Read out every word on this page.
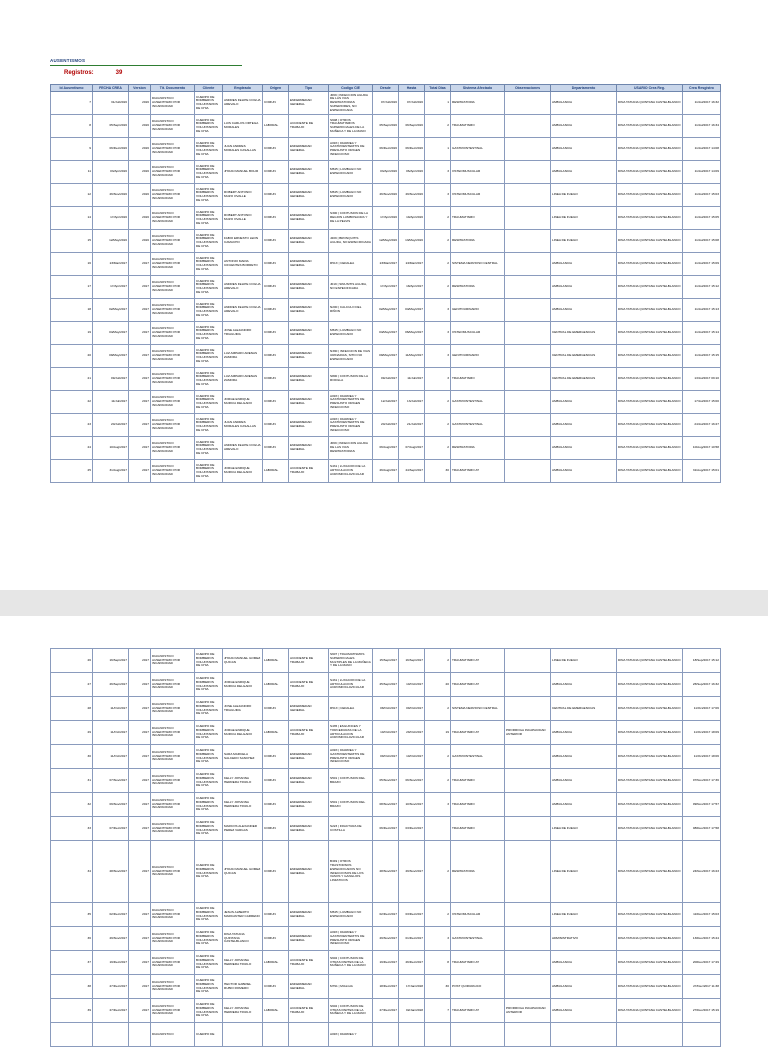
AUSENTISMOS
Registros:	39
Id Ausentismo	FECHA CREA	Version	Tit. Documento	Cliente	Empleado	Origen	Tipo	Codigo CIE	Desde	Hasta	Total Dias	Sistema Afectado	Observaciones	Departamento	USARIO Crea Reg.	Crea Resgistro
7	31/Jul/2016	2016	DIAGNOSTICO AUSENTISMO POR INCAPACIDAD	CUERPO DE BOMBEROS VOLUNTARIOS DE CHIA	ANDRES FELIPE COGUA AREVALO	COMUN	ENFERMEDAD GENERAL	J069 | INFECCION AGUDA DE LAS VIAS RESPIRATORIAS SUPERIORES, NO ESPECIFICADA	07/Jul/2016	07/Jul/2016	1	RESPIRATORIA		AMBULANCIA	DINA TATIANA QUINTANA CASTELBLANCO	11/Jul/2017 16:32
8	05/Sep/2016	2016	DIAGNOSTICO AUSENTISMO POR INCAPACIDAD	CUERPO DE BOMBEROS VOLUNTARIOS DE CHIA	LUIS CARLOS ORTEGA MORALES	LABORAL	ACCIDENTE DE TRABAJO	S608 | OTROS TRAUMATISMOS SUPERFICIALES DE LA MUÑECA Y DE LA MANO	05/Sep/2016	06/Sep/2016	2	TRAUMATISMO		AMBULANCIA	DINA TATIANA QUINTANA CASTELBLANCO	11/Jul/2017 16:34
9	06/Dec/2016	2016	DIAGNOSTICO AUSENTISMO POR INCAPACIDAD	CUERPO DE BOMBEROS VOLUNTARIOS DE CHIA	JUAN ANDRES MORALES CASALLAS	COMUN	ENFERMEDAD GENERAL	A09X | DIARREA Y GASTROENTERITIS DE PRESUNTO ORIGEN INFECCIOSO	06/Dec/2016	06/Dec/2016	1	GASTROINTESTINAL		AMBULANCIA	DINA TATIANA QUINTANA CASTELBLANCO	11/Jul/2017 14:08
11	03/Apr/2016	2016	DIAGNOSTICO AUSENTISMO POR INCAPACIDAD	CUERPO DE BOMBEROS VOLUNTARIOS DE CHIA	JHOAN MANUEL BOLIR	COMUN	ENFERMEDAD GENERAL	M545 | LUMBAGO NO ESPECIFICADO	03/Apr/2016	06/Apr/2016	3	OSTEOMUSCULAR		AMBULANCIA	DINA TATIANA QUINTANA CASTELBLANCO	11/Jul/2017 14:09
12	26/Nov/2016	2016	DIAGNOSTICO AUSENTISMO POR INCAPACIDAD	CUERPO DE BOMBEROS VOLUNTARIOS DE CHIA	ROBERT ANTONIO MUZO OVALLE	COMUN	ENFERMEDAD GENERAL	M545 | LUMBAGO NO ESPECIFICADO	26/Nov/2016	29/Nov/2016	3	OSTEOMUSCULAR		LINEA DE FUEGO	DINA TATIANA QUINTANA CASTELBLANCO	11/Jul/2017 15:03
14	17/Apr/2016	2016	DIAGNOSTICO AUSENTISMO POR INCAPACIDAD	CUERPO DE BOMBEROS VOLUNTARIOS DE CHIA	ROBERT ANTONIO MUZO OVALLE	COMUN	ENFERMEDAD GENERAL	S300 | CONTUSION DE LA REGION LUMBOSACRA Y DE LA PELVIS	17/Apr/2016	19/Apr/2016	2	TRAUMATISMO		LINEA DE FUEGO	DINA TATIANA QUINTANA CASTELBLANCO	11/Jul/2017 15:05
15	12/May/2016	2016	DIAGNOSTICO AUSENTISMO POR INCAPACIDAD	CUERPO DE BOMBEROS VOLUNTARIOS DE CHIA	FABIO ERNESTO LEON CAMACHO	COMUN	ENFERMEDAD GENERAL	J209 | BRONQUITIS AGUDA, NO ESPECIFICADA	12/May/2016	13/May/2016	2	RESPIRATORIA		LINEA DE FUEGO	DINA TATIANA QUINTANA CASTELBLANCO	11/Jul/2017 15:08
16	23/Mar/2017	2017	DIAGNOSTICO AUSENTISMO POR INCAPACIDAD	CUERPO DE BOMBEROS VOLUNTARIOS DE CHIA	ANTONIO MARIA CIFUENTES BORRETO	COMUN	ENFERMEDAD GENERAL	R51X | CEFALEA	23/Mar/2017	24/Mar/2017	2	SISTEMA NERVIOSO CENTRAL		AMBULANCIA	DINA TATIANA QUINTANA CASTELBLANCO	11/Jul/2017 15:09
17	17/Apr/2017	2017	DIAGNOSTICO AUSENTISMO POR INCAPACIDAD	CUERPO DE BOMBEROS VOLUNTARIOS DE CHIA	ANDRES FELIPE COGUA AREVALO	COMUN	ENFERMEDAD GENERAL	J019 | SINUSITIS AGUDA, NO ESPECIFICADA	17/Apr/2017	18/Apr/2017	2	RESPIRATORIA		AMBULANCIA	DINA TATIANA QUINTANA CASTELBLANCO	11/Jul/2017 15:12
18	02/May/2017	2017	DIAGNOSTICO AUSENTISMO POR INCAPACIDAD	CUERPO DE BOMBEROS VOLUNTARIOS DE CHIA	ANDRES FELIPE COGUA AREVALO	COMUN	ENFERMEDAD GENERAL	N200 | CALCULO DEL RIÑON	02/May/2017	04/May/2017	3	GENITOURINARIO		AMBULANCIA	DINA TATIANA QUINTANA CASTELBLANCO	11/Jul/2017 15:13
19	04/May/2017	2017	DIAGNOSTICO AUSENTISMO POR INCAPACIDAD	CUERPO DE BOMBEROS VOLUNTARIOS DE CHIA	JOSE ALEJANDRO TRIAGUIRA	COMUN	ENFERMEDAD GENERAL	M545 | LUMBAGO NO ESPECIFICADO	04/May/2017	06/May/2017	3	OSTEOMUSCULAR		CENTRAL DE EMERGENCIAS	DINA TATIANA QUINTANA CASTELBLANCO	11/Jul/2017 15:14
20	09/May/2017	2017	DIAGNOSTICO AUSENTISMO POR INCAPACIDAD	CUERPO DE BOMBEROS VOLUNTARIOS DE CHIA	LUZ AMPARO ARENAS ZAMORA	COMUN	ENFERMEDAD GENERAL	N390 | INFECCION DE VIAS URINARIAS, SITIO NO ESPECIFICADO	09/May/2017	11/May/2017	3	GENITOURINARIO		CENTRAL DE EMERGENCIAS	DINA TATIANA QUINTANA CASTELBLANCO	11/Jul/2017 15:15
21	09/Jul/2017	2017	DIAGNOSTICO AUSENTISMO POR INCAPACIDAD	CUERPO DE BOMBEROS VOLUNTARIOS DE CHIA	LUZ AMPARO ARENAS ZAMORA	COMUN	ENFERMEDAD GENERAL	S800 | CONTUSION DE LA RODILLA	09/Jul/2017	11/Jul/2017	3	TRAUMATISMO		CENTRAL DE EMERGENCIAS	DINA TATIANA QUINTANA CASTELBLANCO	13/Jul/2017 09:10
22	11/Jul/2017	2017	DIAGNOSTICO AUSENTISMO POR INCAPACIDAD	CUERPO DE BOMBEROS VOLUNTARIOS DE CHIA	JORGE ENRIQUE MURCIA DELGADO	COMUN	ENFERMEDAD GENERAL	A09X | DIARREA Y GASTROENTERITIS DE PRESUNTO ORIGEN INFECCIOSO	12/Jul/2017	13/Jul/2017	2	GASTROINTESTINAL		AMBULANCIA	DINA TATIANA QUINTANA CASTELBLANCO	17/Jul/2017 15:00
23	20/Jul/2017	2017	DIAGNOSTICO AUSENTISMO POR INCAPACIDAD	CUERPO DE BOMBEROS VOLUNTARIOS DE CHIA	JUAN ANDRES MORALES CASALLAS	COMUN	ENFERMEDAD GENERAL	A09X | DIARREA Y GASTROENTERITIS DE PRESUNTO ORIGEN INFECCIOSO	20/Jul/2017	21/Jul/2017	2	GASTROINTESTINAL		AMBULANCIA	DINA TATIANA QUINTANA CASTELBLANCO	24/Jul/2017 16:27
24	10/Aug/2017	2017	DIAGNOSTICO AUSENTISMO POR INCAPACIDAD	CUERPO DE BOMBEROS VOLUNTARIOS DE CHIA	ANDRES FELIPE COGUA AREVALO	COMUN	ENFERMEDAD GENERAL	J069 | INFECCION AGUDA DE LAS VIAS RESPIRATORIAS	06/Aug/2017	07/Aug/2017	2	RESPIRATORIA		AMBULANCIA	DINA TATIANA QUINTANA CASTELBLANCO	10/Aug/2017 10:58
25	31/Aug/2017	2017	DIAGNOSTICO AUSENTISMO POR INCAPACIDAD	CUERPO DE BOMBEROS VOLUNTARIOS DE CHIA	JORGE ENRIQUE MURCIA DELGADO	LABORAL	ACCIDENTE DE TRABAJO	S431 | LUXACION DE LA ARTICULACION ACROMIOCLAVICULAR	26/Aug/2017	24/Sep/2017	30	TRAUMATISMO AT		AMBULANCIA	DINA TATIANA QUINTANA CASTELBLANCO	31/Aug/2017 15:01
26	16/Sep/2017	2017	DIAGNOSTICO AUSENTISMO POR INCAPACIDAD	CUERPO DE BOMBEROS VOLUNTARIOS DE CHIA	JHOAN MANUEL GOMEZ QUICAN	LABORAL	ACCIDENTE DE TRABAJO	S607 | TRAUMATISMOS SUPERFICIALES MULTIPLES DE LA MUÑECA Y DE LA MANO	15/Sep/2017	16/Sep/2017	2	TRAUMATISMO AT		LINEA DE FUEGO	DINA TATIANA QUINTANA CASTELBLANCO	18/Sep/2017 15:12
27	26/Sep/2017	2017	DIAGNOSTICO AUSENTISMO POR INCAPACIDAD	CUERPO DE BOMBEROS VOLUNTARIOS DE CHIA	JORGE ENRIQUE MURCIA DELGADO	LABORAL	ACCIDENTE DE TRABAJO	S431 | LUXACION DE LA ARTICULACION ACROMIOCLAVICULAR	25/Sep/2017	10/Oct/2017	20	TRAUMATISMO AT		AMBULANCIA	DINA TATIANA QUINTANA CASTELBLANCO	26/Sep/2017 16:32
28	11/Oct/2017	2017	DIAGNOSTICO AUSENTISMO POR INCAPACIDAD	CUERPO DE BOMBEROS VOLUNTARIOS DE CHIA	JOSE ALEJANDRO TRIAGUIRA	COMUN	ENFERMEDAD GENERAL	R51X | CEFALEA	08/Oct/2017	09/Oct/2017	2	SISTEMA NERVIOSO CENTRAL		CENTRAL DE EMERGENCIAS	DINA TATIANA QUINTANA CASTELBLANCO	11/Oct/2017 17:06
29	11/Oct/2017	2017	DIAGNOSTICO AUSENTISMO POR INCAPACIDAD	CUERPO DE BOMBEROS VOLUNTARIOS DE CHIA	JORGE ENRIQUE MURCIA DELGADO	LABORAL	ACCIDENTE DE TRABAJO	S435 | ESGUINCES Y TORCEDURAS DE LA ARTICULACION ACROMIOCLAVICULAR	10/Oct/2017	29/Oct/2017	19	TRAUMATISMO AT	PRORROGA INCAPACIDAD ANTERIOR	AMBULANCIA	DINA TATIANA QUINTANA CASTELBLANCO	11/Oct/2017 18:09
30	11/Oct/2017	2017	DIAGNOSTICO AUSENTISMO POR INCAPACIDAD	CUERPO DE BOMBEROS VOLUNTARIOS DE CHIA	SARA MARCELA SALCEDO SANCHEZ	COMUN	ENFERMEDAD GENERAL	A09X | DIARREA Y GASTROENTERITIS DE PRESUNTO ORIGEN INFECCIOSO	09/Oct/2017	10/Oct/2017	2	GASTROINTESTINAL		AMBULANCIA	DINA TATIANA QUINTANA CASTELBLANCO	11/Oct/2017 18:06
31	07/Nov/2017	2017	DIAGNOSTICO AUSENTISMO POR INCAPACIDAD	CUERPO DE BOMBEROS VOLUNTARIOS DE CHIA	KELLY JOHANNA HERRERA TRIJILO	COMUN	ENFERMEDAD GENERAL	S501 | CONTUSION DEL BRAZO	05/Nov/2017	06/Nov/2017	2	TRAUMATISMO		AMBULANCIA	DINA TATIANA QUINTANA CASTELBLANCO	07/Nov/2017 17:36
32	09/Nov/2017	2017	DIAGNOSTICO AUSENTISMO POR INCAPACIDAD	CUERPO DE BOMBEROS VOLUNTARIOS DE CHIA	KELLY JOHANNA HERRERA TRIJILO	COMUN	ENFERMEDAD GENERAL	S501 | CONTUSION DEL BRAZO	08/Nov/2017	10/Nov/2017	3	TRAUMATISMO		AMBULANCIA	DINA TATIANA QUINTANA CASTELBLANCO	09/Nov/2017 17:57
33	07/Dec/2017	2017	DIAGNOSTICO AUSENTISMO POR INCAPACIDAD	CUERPO DE BOMBEROS VOLUNTARIOS DE CHIA	MARCOS ALEXANDER PEREZ VARGAS	COMUN	ENFERMEDAD GENERAL	S223 | FRACTURA DE COSTILLA	06/Dec/2017	03/Dec/2017		TRAUMATISMO		LINEA DE FUEGO	DINA TATIANA QUINTANA CASTELBLANCO	08/Dec/2017 17:58
34	28/Nov/2017	2017	DIAGNOSTICO AUSENTISMO POR INCAPACIDAD	CUERPO DE BOMBEROS VOLUNTARIOS DE CHIA	JHOAN MANUEL GOMEZ QUICAN	COMUN	ENFERMEDAD GENERAL	B349 | OTROS TRASTORNOS ESPECIFICADOS NO INFECCIOSOS DE LOS VASOS Y GANGLIOS LINFATICOS	28/Nov/2017	29/Nov/2017	2	RESPIRATORIA		LINEA DE FUEGO	DINA TATIANA QUINTANA CASTELBLANCO	24/Nov/2017 16:23
35	02/Dec/2017	2017	DIAGNOSTICO AUSENTISMO POR INCAPACIDAD	CUERPO DE BOMBEROS VOLUNTARIOS DE CHIA	JESUS ALBERTO MARCANTER CARRENO	COMUN	ENFERMEDAD GENERAL	M545 | LUMBAGO NO ESPECIFICADO	02/Dec/2017	03/Dec/2017	2	OSTEOMUSCULAR		LINEA DE FUEGO	DINA TATIANA QUINTANA CASTELBLANCO	11/Dec/2017 15:03
36	29/Nov/2017	2017	DIAGNOSTICO AUSENTISMO POR INCAPACIDAD	CUERPO DE BOMBEROS VOLUNTARIOS DE CHIA	DINA TATIANA QUINTANA CASTELBLANCO	COMUN	ENFERMEDAD GENERAL	A09X | DIARREA Y GASTROENTERITIS DE PRESUNTO ORIGEN INFECCIOSO	29/Nov/2017	01/Dec/2017	3	GASTROINTESTINAL		ADMINISTRATIVO	DINA TATIANA QUINTANA CASTELBLANCO	13/Dec/2017 15:44
37	19/Dec/2017	2017	DIAGNOSTICO AUSENTISMO POR INCAPACIDAD	CUERPO DE BOMBEROS VOLUNTARIOS DE CHIA	KELLY JOHANNA HERRERA TRIJILO	LABORAL	ACCIDENTE DE TRABAJO	S602 | CONTUSION DE OTRAS PARTES DE LA MUÑECA Y DE LA MANO	19/Dec/2017	26/Dec/2017	8	TRAUMATISMO AT		AMBULANCIA	DINA TATIANA QUINTANA CASTELBLANCO	20/Dec/2017 17:29
38	27/Dec/2017	2017	DIAGNOSTICO AUSENTISMO POR INCAPACIDAD	CUERPO DE BOMBEROS VOLUNTARIOS DE CHIA	HECTOR GABRIEL RUBIO ROMERO	COMUN	ENFERMEDAD GENERAL	M791 | MIALGIA	18/Dec/2017	17/Jan/2018	30	POST QUIRURGICO		AMBULANCIA	DINA TATIANA QUINTANA CASTELBLANCO	27/Dec/2017 11:38
39	27/Dec/2017	2017	DIAGNOSTICO AUSENTISMO POR INCAPACIDAD	CUERPO DE BOMBEROS VOLUNTARIOS DE CHIA	KELLY JOHANNA HERRERA TRIJILO	LABORAL	ACCIDENTE DE TRABAJO	S602 | CONTUSION DE OTRAS PARTES DE LA MUÑECA Y DE LA MANO	27/Dec/2017	02/Jan/2018	7	TRAUMATISMO AT	PRORROGA INCAPACIDAD ANTERIOR	AMBULANCIA	DINA TATIANA QUINTANA CASTELBLANCO	27/Dec/2017 15:19
			DIAGNOSTICO	CUERPO DE				A09X | DIARREA Y								
